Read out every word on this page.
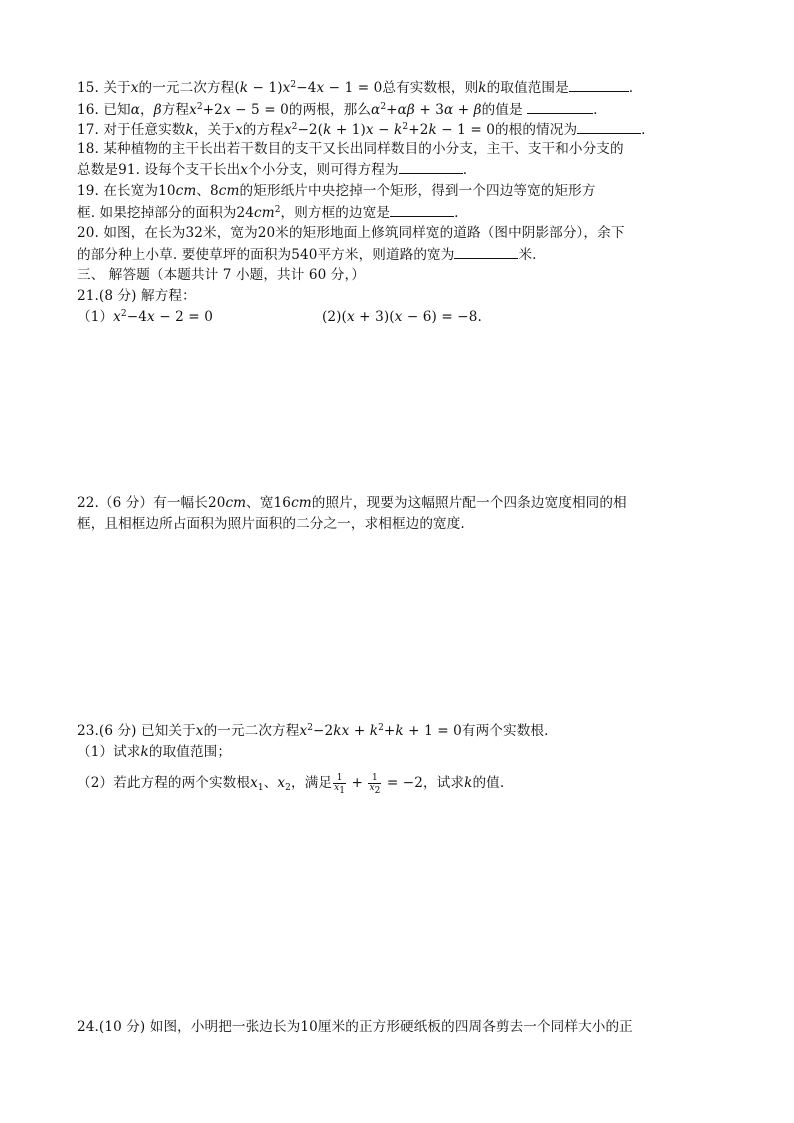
15. 关于x的一元二次方程$(k - 1)x^2-4x - 1 = 0$总有实数根，则k的取值范围是	.
16. 已知α，β方程$x^2+2x - 5 = 0$的两根，那么$\alpha^2+\alpha\beta + 3\alpha + \beta$的值是	.
17. 对于任意实数k，关于x的方程$x^2-2(k + 1)x - k^2+2k - 1 = 0$的根的情况为	.
18. 某种植物的主干长出若干数目的支干又长出同样数目的小分支，主干、支干和小分支的
总数是91. 设每个支干长出x个小分支，则可得方程为	.
19. 在长宽为10cm、8cm的矩形纸片中央挖掉一个矩形，得到一个四边等宽的矩形方
框. 如果挖掉部分的面积为$24cm^2$，则方框的边宽是	.
20. 如图，在长为32米，宽为20米的矩形地面上修筑同样宽的道路（图中阴影部分），余下
的部分种上小草. 要使草坪的面积为540平方米，则道路的宽为	米.
三、 解答题（本题共计 7 小题，共计 60 分，）
21.(8 分) 解方程：
$(1)x^2-4x - 2 = 0$	(2)(x + 3)(x − 6) = −8.
22.（6 分）有一幅长20cm、宽16cm的照片，现要为这幅照片配一个四条边宽度相同的相
框，且相框边所占面积为照片面积的二分之一，求相框边的宽度.
23.(6 分) 已知关于x的一元二次方程$x^2-2kx + k^2+k + 1 = 0$有两个实数根.
（1）试求k的取值范围；
（2）若此方程的两个实数根$x_1$、$x_2$，满足 $\frac{1}{x_1} + \frac{1}{x_2} = -2$，试求k的值.
24.(10 分) 如图，小明把一张边长为10厘米的正方形硬纸板的四周各剪去一个同样大小的正
